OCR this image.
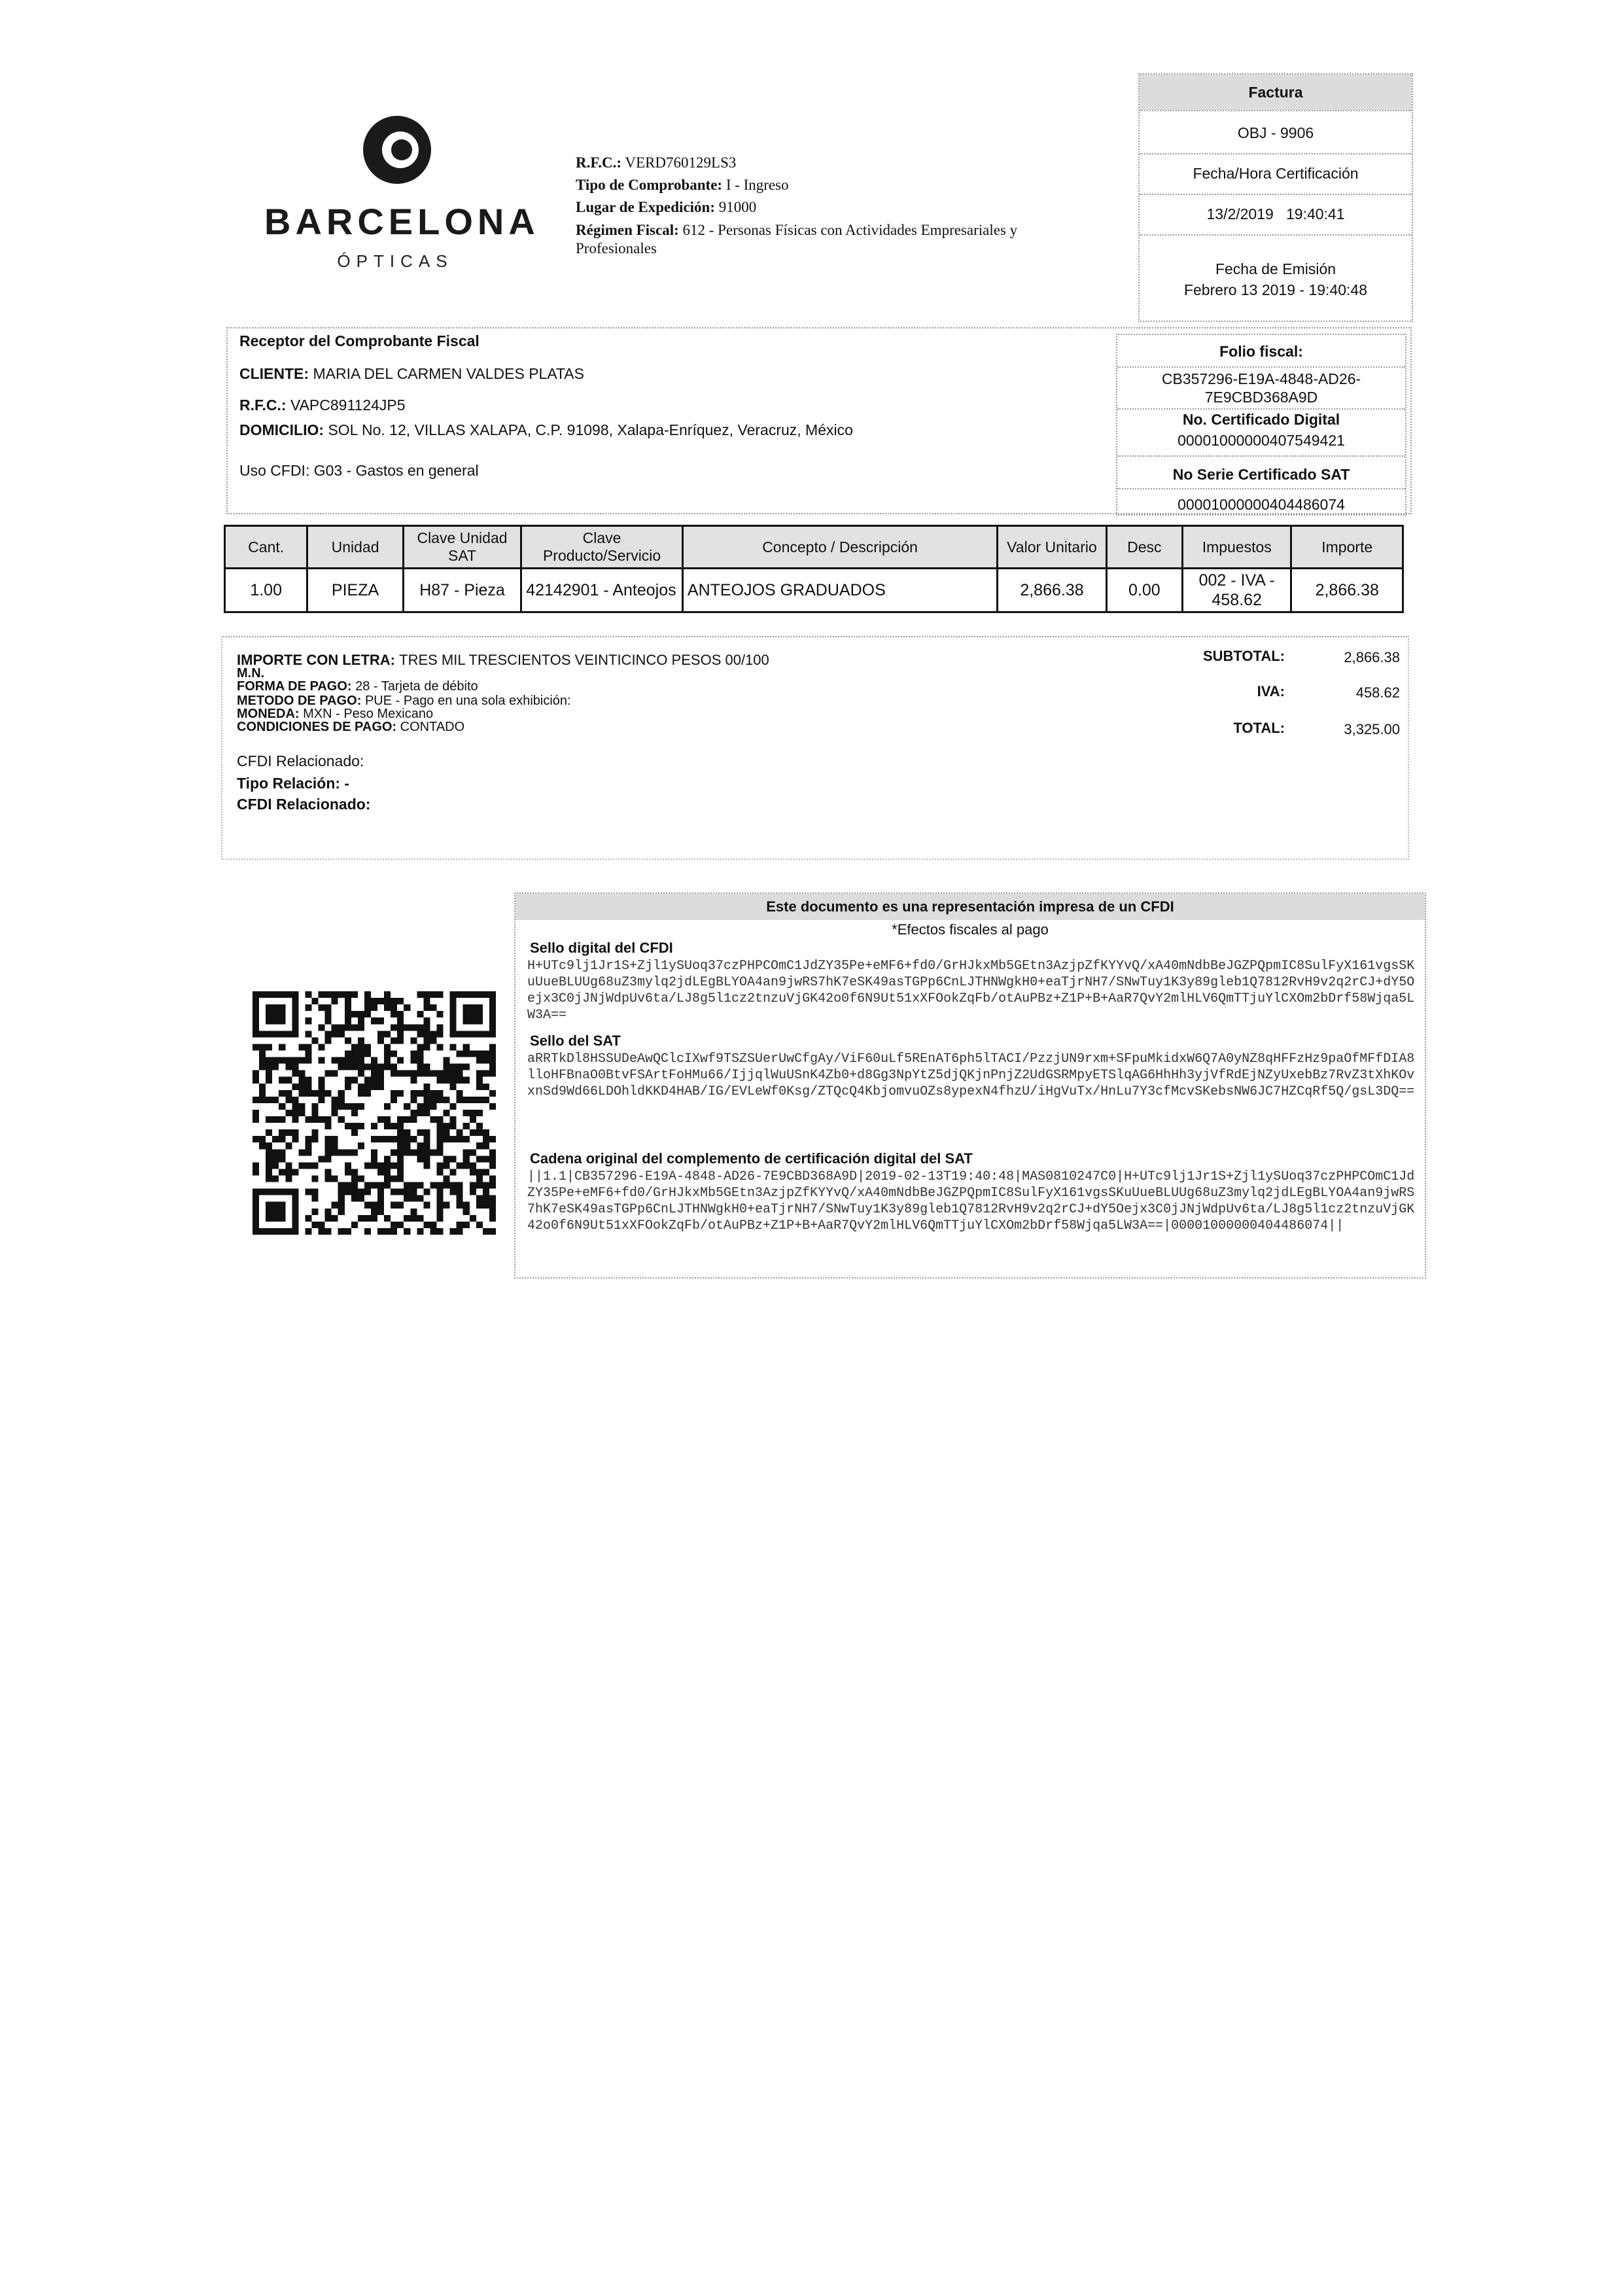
BARCELONA
ÓPTICAS
R.F.C.: VERD760129LS3
Tipo de Comprobante: I - Ingreso
Lugar de Expedición: 91000
Régimen Fiscal: 612 - Personas Físicas con Actividades Empresariales y
Profesionales
Factura
OBJ - 9906
Fecha/Hora Certificación
13/2/2019 19:40:41
Fecha de Emisión
Febrero 13 2019 - 19:40:48
Receptor del Comprobante Fiscal
CLIENTE: MARIA DEL CARMEN VALDES PLATAS
R.F.C.: VAPC891124JP5
DOMICILIO: SOL No. 12, VILLAS XALAPA, C.P. 91098, Xalapa-Enríquez, Veracruz, México
Uso CFDI: G03 - Gastos en general
Folio fiscal:
CB357296-E19A-4848-AD26-
7E9CBD368A9D
No. Certificado Digital
00001000000407549421
No Serie Certificado SAT
00001000000404486074
Cant.	Unidad	Clave Unidad SAT	Clave Producto/Servicio	Concepto / Descripción	Valor Unitario	Desc	Impuestos	Importe
1.00	PIEZA	H87 - Pieza	42142901 - Anteojos	ANTEOJOS GRADUADOS	2,866.38	0.00	002 - IVA - 458.62	2,866.38
IMPORTE CON LETRA: TRES MIL TRESCIENTOS VEINTICINCO PESOS 00/100
M.N.
FORMA DE PAGO: 28 - Tarjeta de débito
METODO DE PAGO: PUE - Pago en una sola exhibición:
MONEDA: MXN - Peso Mexicano
CONDICIONES DE PAGO: CONTADO
SUBTOTAL:	2,866.38
IVA:	458.62
TOTAL:	3,325.00
CFDI Relacionado:
Tipo Relación: -
CFDI Relacionado:
Este documento es una representación impresa de un CFDI
*Efectos fiscales al pago
Sello digital del CFDI
H+UTc9lj1Jr1S+Zjl1ySUoq37czPHPCOmC1JdZY35Pe+eMF6+fd0/GrHJkxMb5GEtn3AzjpZfKYYvQ/xA40mNdbBeJGZPQpmIC8SulFyX161vgsSKuUueBLUUg68uZ3mylq2jdLEgBLYOA4an9jwRS7hK7eSK49asTGPp6CnLJTHNWgkH0+eaTjrNH7/SNwTuy1K3y89gleb1Q7812RvH9v2q2rCJ+dY5Oejx3C0jJNjWdpUv6ta/LJ8g5l1cz2tnzuVjGK42o0f6N9Ut51xXFOokZqFb/otAuPBz+Z1P+B+AaR7QvY2mlHLV6QmTTjuYlCXOm2bDrf58Wjqa5LW3A==
Sello del SAT
aRRTkDl8HSSUDeAwQClcIXwf9TSZSUerUwCfgAy/ViF60uLf5REnAT6ph5lTACI/PzzjUN9rxm+SFpuMkidxW6Q7A0yNZ8qHFFzHz9paOfMFfDIA8lloHFBnaO0BtvFSArtFoHMu66/IjjqlWuUSnK4Zb0+d8Gg3NpYtZ5djQKjnPnjZ2UdGSRMpyETSlqAG6HhHh3yjVfRdEjNZyUxebBz7RvZ3tXhKOvxnSd9Wd66LDOhldKKD4HAB/IG/EVLeWf0Ksg/ZTQcQ4KbjomvuOZs8ypexN4fhzU/iHgVuTx/HnLu7Y3cfMcvSKebsNW6JC7HZCqRf5Q/gsL3DQ==
Cadena original del complemento de certificación digital del SAT
||1.1|CB357296-E19A-4848-AD26-7E9CBD368A9D|2019-02-13T19:40:48|MAS0810247C0|H+UTc9lj1Jr1S+Zjl1ySUoq37czPHPCOmC1JdZY35Pe+eMF6+fd0/GrHJkxMb5GEtn3AzjpZfKYYvQ/xA40mNdbBeJGZPQpmIC8SulFyX161vgsSKuUueBLUUg68uZ3mylq2jdLEgBLYOA4an9jwRS7hK7eSK49asTGPp6CnLJTHNWgkH0+eaTjrNH7/SNwTuy1K3y89gleb1Q7812RvH9v2q2rCJ+dY5Oejx3C0jJNjWdpUv6ta/LJ8g5l1cz2tnzuVjGK42o0f6N9Ut51xXFOokZqFb/otAuPBz+Z1P+B+AaR7QvY2mlHLV6QmTTjuYlCXOm2bDrf58Wjqa5LW3A==|00001000000404486074||
